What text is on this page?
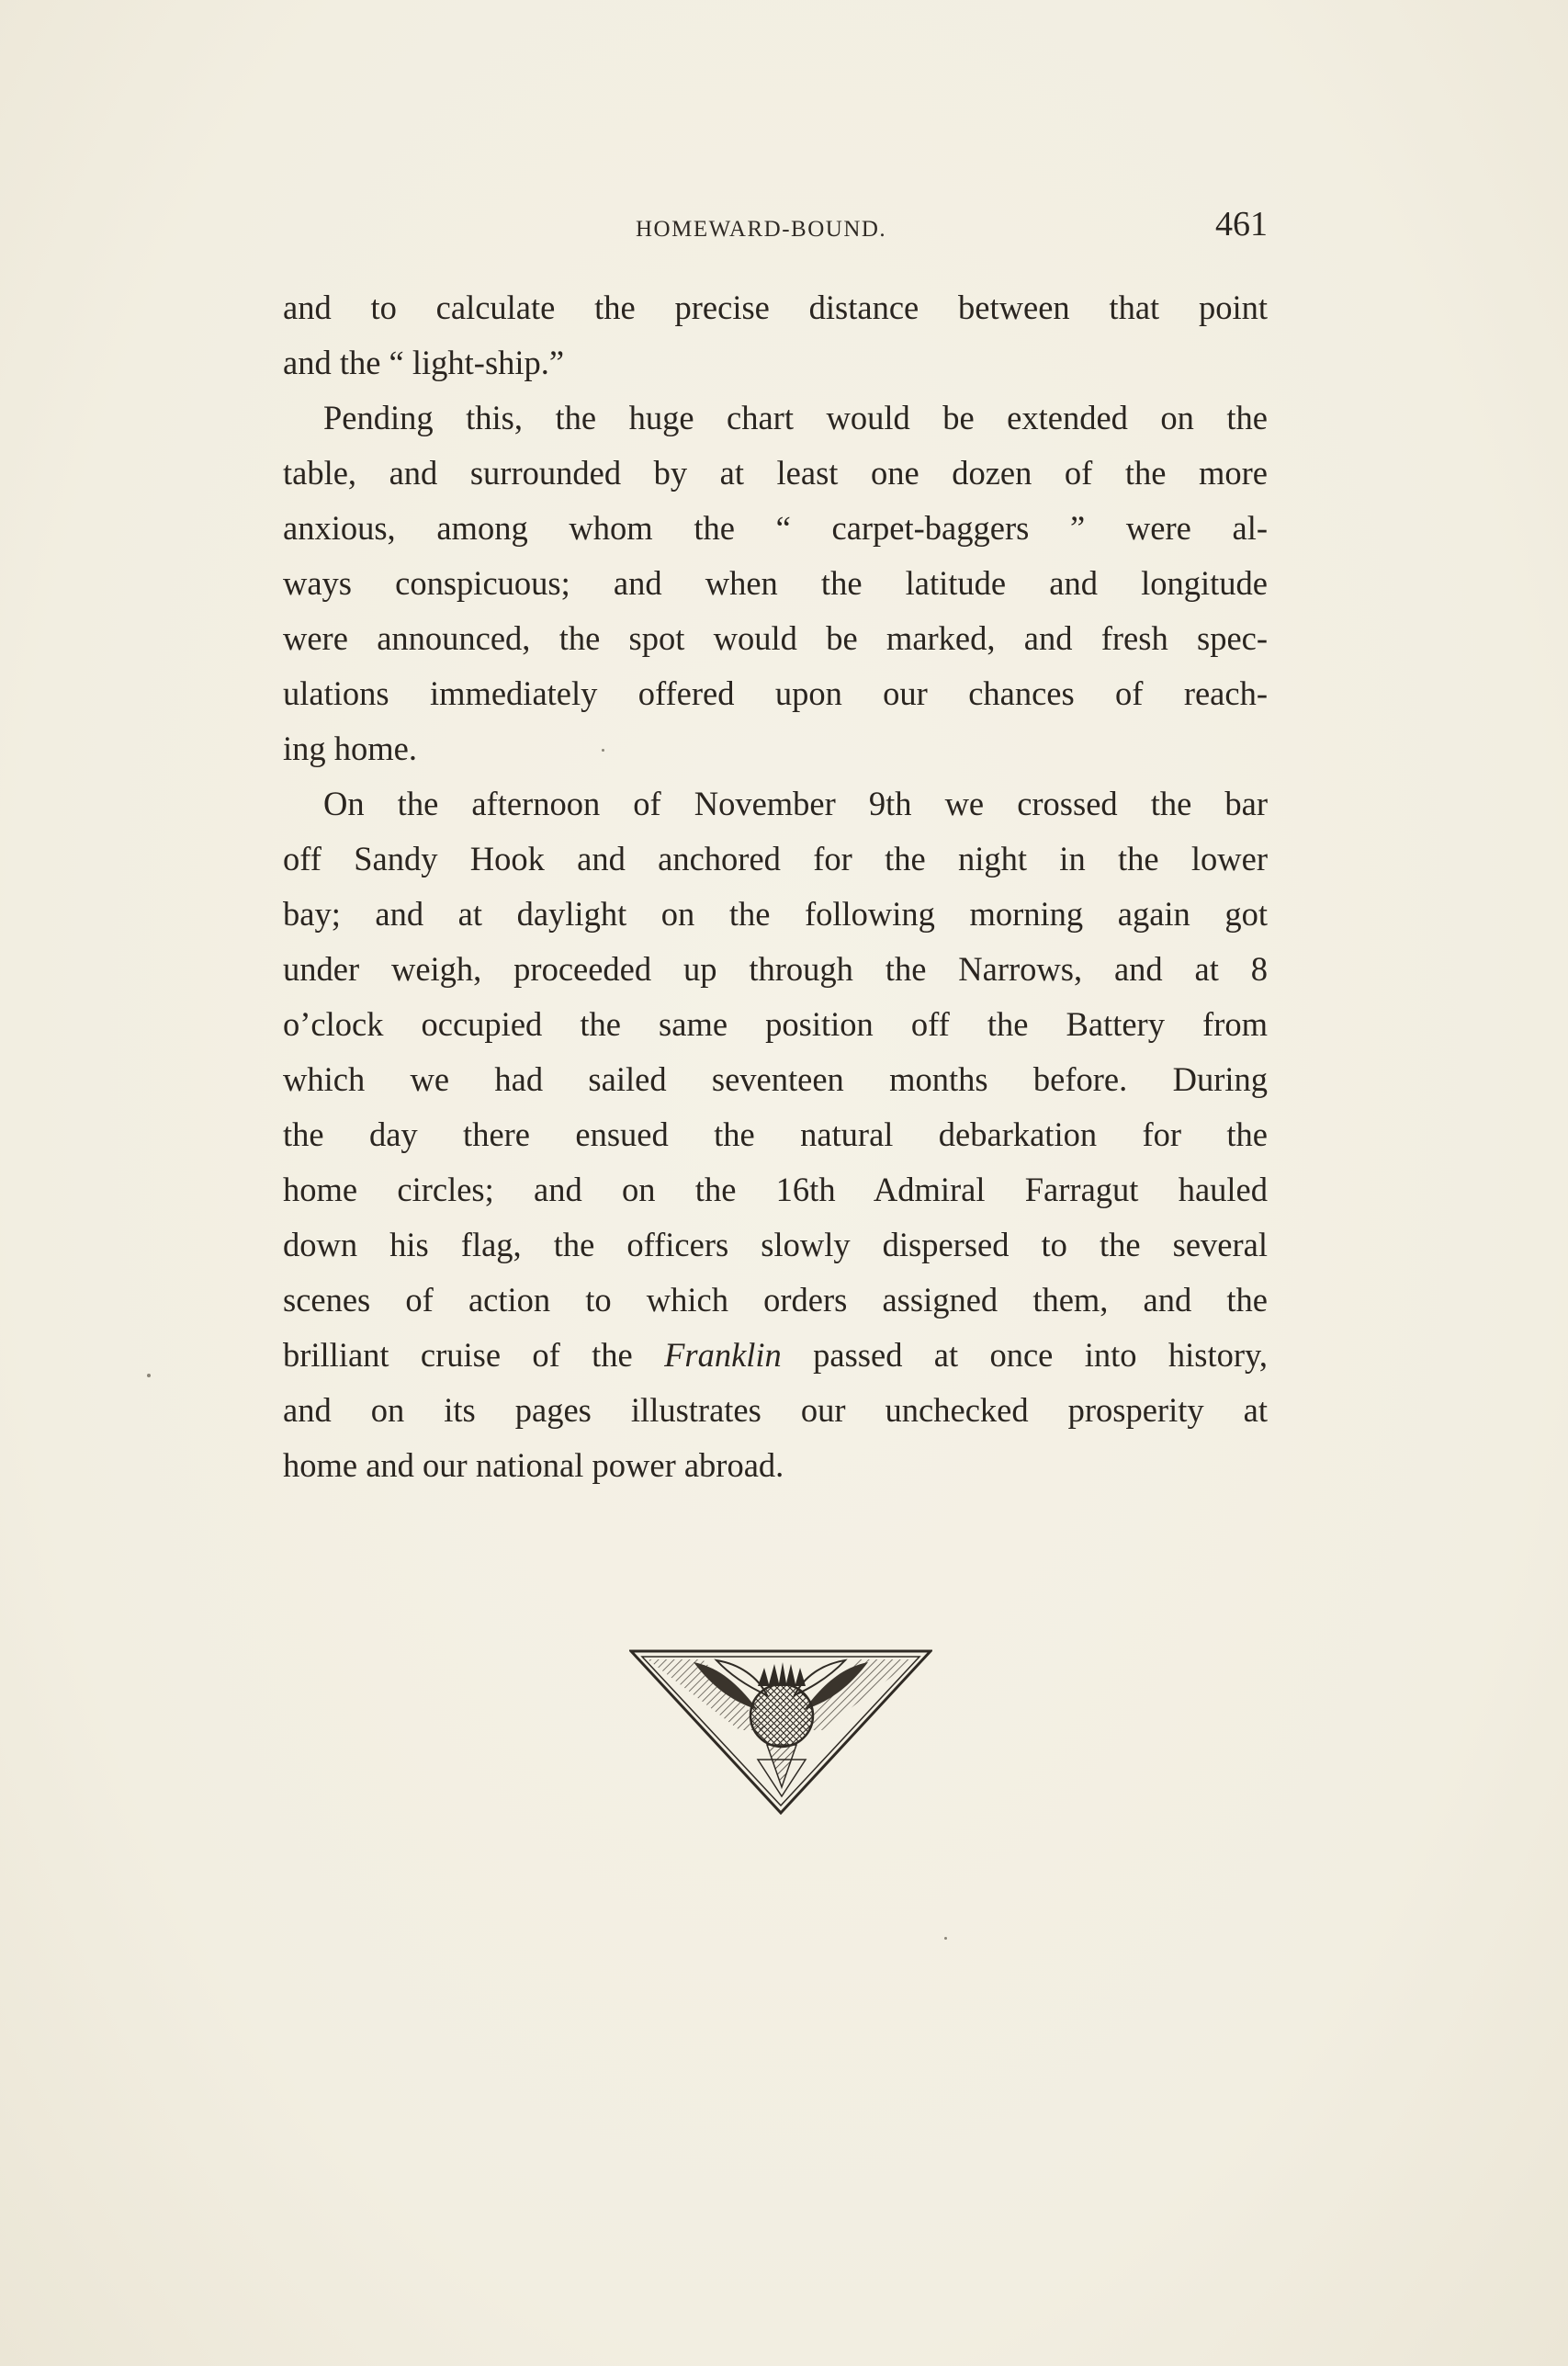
HOMEWARD-BOUND.	461
and to calculate the precise distance between that point
and the “ light-ship.”
Pending this, the huge chart would be extended on the
table, and surrounded by at least one dozen of the more
anxious, among whom the “ carpet-baggers ” were al-
ways conspicuous; and when the latitude and longitude
were announced, the spot would be marked, and fresh spec-
ulations immediately offered upon our chances of reach-
ing home.
On the afternoon of November 9th we crossed the bar
off Sandy Hook and anchored for the night in the lower
bay; and at daylight on the following morning again got
under weigh, proceeded up through the Narrows, and at 8
o’clock occupied the same position off the Battery from
which we had sailed seventeen months before. During
the day there ensued the natural debarkation for the
home circles; and on the 16th Admiral Farragut hauled
down his flag, the officers slowly dispersed to the several
scenes of action to which orders assigned them, and the
brilliant cruise of the Franklin passed at once into history,
and on its pages illustrates our unchecked prosperity at
home and our national power abroad.
